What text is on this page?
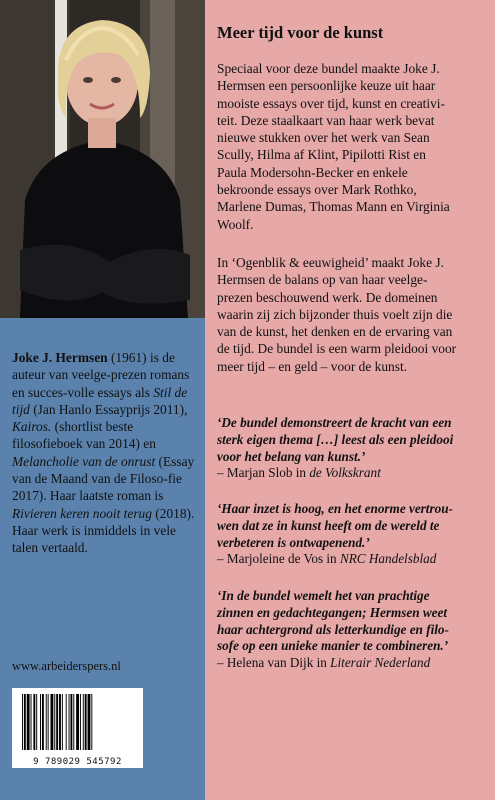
Meer tijd voor de kunst

Speciaal voor deze bundel maakte Joke J.
Hermsen een persoonlijke keuze uit haar
mooiste essays over tijd, kunst en creativi-
teit. Deze staalkaart van haar werk bevat
nieuwe stukken over het werk van Sean
Scully, Hilma af Klint, Pipilotti Rist en
Paula Modersohn-Becker en enkele
bekroonde essays over Mark Rothko,
Marlene Dumas, Thomas Mann en Virginia
Woolf.

In ‘Ogenblik & eeuwigheid’ maakt Joke J.
Hermsen de balans op van haar veelge-
prezen beschouwend werk. De domeinen
waarin zij zich bijzonder thuis voelt zijn die
van de kunst, het denken en de ervaring van
de tijd. De bundel is een warm pleidooi voor
meer tijd – en geld – voor de kunst.

Joke J. Hermsen (1961) is de auteur van veelge-prezen romans en succes-volle essays als Stil de tijd (Jan Hanlo Essayprijs 2011), Kairos. (shortlist beste filosofieboek van 2014) en Melancholie van de onrust (Essay van de Maand van de Filoso-fie 2017). Haar laatste roman is Rivieren keren nooit terug (2018). Haar werk is inmiddels in vele talen vertaald.

‘De bundel demonstreert de kracht van een
sterk eigen thema […] leest als een pleidooi
voor het belang van kunst.’
– Marjan Slob in de Volkskrant
‘Haar inzet is hoog, en het enorme vertrou-
wen dat ze in kunst heeft om de wereld te
verbeteren is ontwapenend.’
– Marjoleine de Vos in NRC Handelsblad
‘In de bundel wemelt het van prachtige
zinnen en gedachtegangen; Hermsen weet
haar achtergrond als letterkundige en filo-
sofe op een unieke manier te combineren.’
– Helena van Dijk in Literair Nederland
www.arbeiderspers.nl
9 789029 545792
